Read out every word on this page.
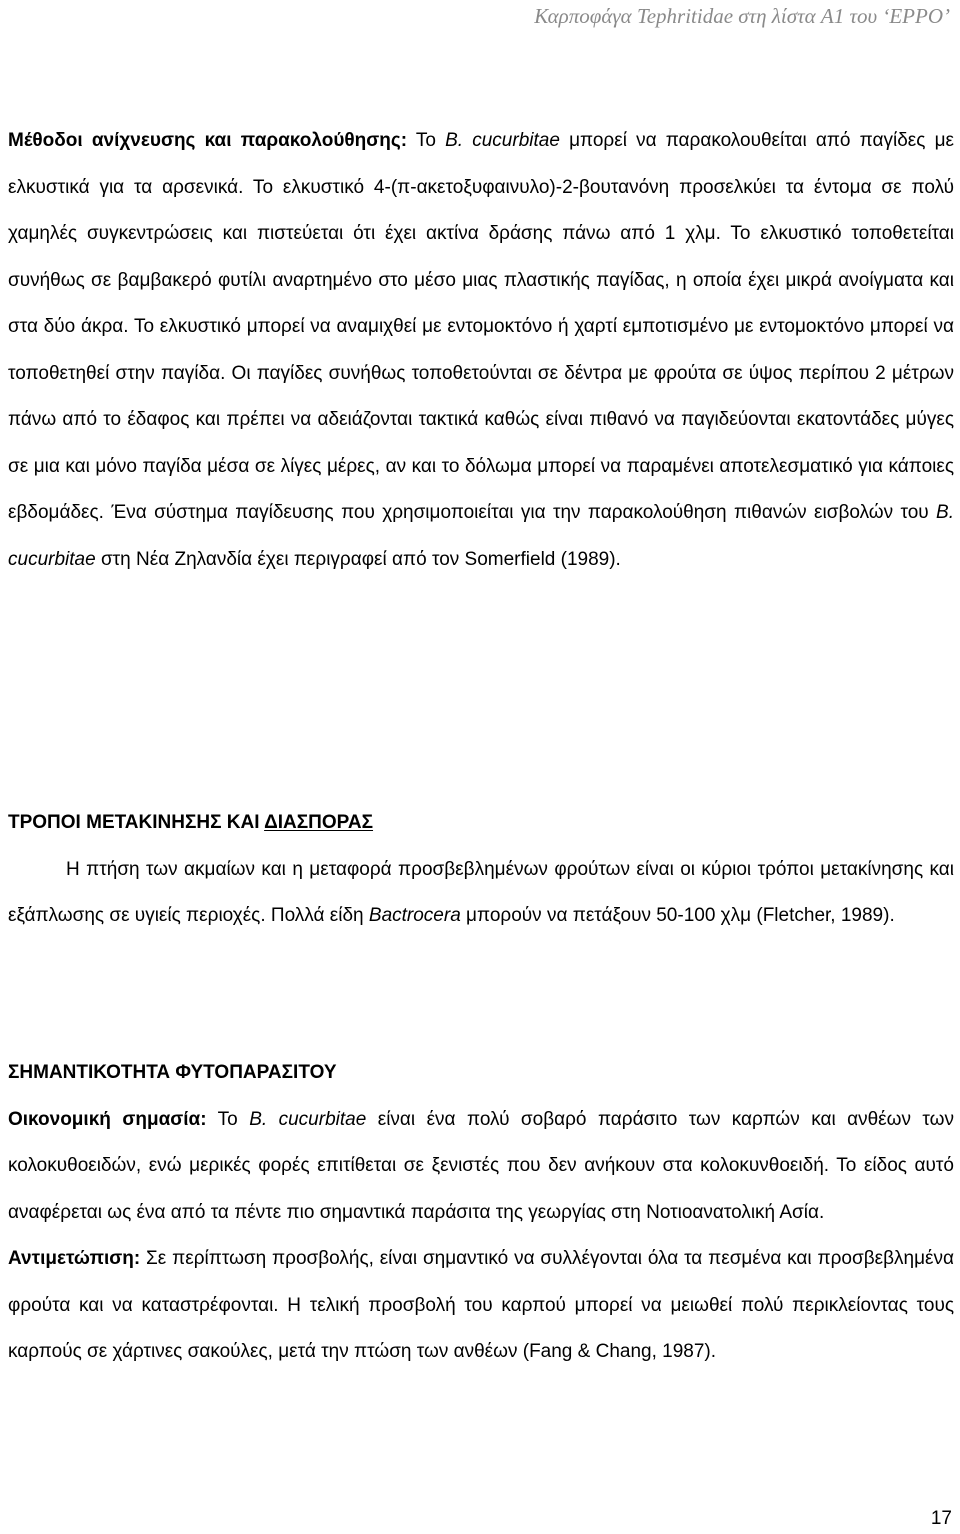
Καρποφάγα Tephritidae στη λίστα A1 του ‘EPPO’

Μέθοδοι ανίχνευσης και παρακολούθησης: Το B. cucurbitae μπορεί να παρακολουθείται από παγίδες με ελκυστικά για τα αρσενικά. Το ελκυστικό 4-(π-ακετοξυφαινυλο)-2-βουτανόνη προσελκύει τα έντομα σε πολύ χαμηλές συγκεντρώσεις και πιστεύεται ότι έχει ακτίνα δράσης πάνω από 1 χλμ. Το ελκυστικό τοποθετείται συνήθως σε βαμβακερό φυτίλι αναρτημένο στο μέσο μιας πλαστικής παγίδας, η οποία έχει μικρά ανοίγματα και στα δύο άκρα. Το ελκυστικό μπορεί να αναμιχθεί με εντομοκτόνο ή χαρτί εμποτισμένο με εντομοκτόνο μπορεί να τοποθετηθεί στην παγίδα. Οι παγίδες συνήθως τοποθετούνται σε δέντρα με φρούτα σε ύψος περίπου 2 μέτρων πάνω από το έδαφος και πρέπει να αδειάζονται τακτικά καθώς είναι πιθανό να παγιδεύονται εκατοντάδες μύγες σε μια και μόνο παγίδα μέσα σε λίγες μέρες, αν και το δόλωμα μπορεί να παραμένει αποτελεσματικό για κάποιες εβδομάδες. Ένα σύστημα παγίδευσης που χρησιμοποιείται για την παρακολούθηση πιθανών εισβολών του B. cucurbitae στη Νέα Ζηλανδία έχει περιγραφεί από τον Somerfield (1989).

ΤΡΟΠΟΙ ΜΕΤΑΚΙΝΗΣΗΣ ΚΑΙ ΔΙΑΣΠΟΡΑΣ

Η πτήση των ακμαίων και η μεταφορά προσβεβλημένων φρούτων είναι οι κύριοι τρόποι μετακίνησης και εξάπλωσης σε υγιείς περιοχές. Πολλά είδη Bactrocera μπορούν να πετάξουν 50-100 χλμ (Fletcher, 1989).

ΣΗΜΑΝΤΙΚΟΤΗΤΑ ΦΥΤΟΠΑΡΑΣΙΤΟΥ

Οικονομική σημασία: Το B. cucurbitae είναι ένα πολύ σοβαρό παράσιτο των καρπών και ανθέων των κολοκυθοειδών, ενώ μερικές φορές επιτίθεται σε ξενιστές που δεν ανήκουν στα κολοκυνθοειδή. Το είδος αυτό αναφέρεται ως ένα από τα πέντε πιο σημαντικά παράσιτα της γεωργίας στη Νοτιοανατολική Ασία.

Αντιμετώπιση: Σε περίπτωση προσβολής, είναι σημαντικό να συλλέγονται όλα τα πεσμένα και προσβεβλημένα φρούτα και να καταστρέφονται. Η τελική προσβολή του καρπού μπορεί να μειωθεί πολύ περικλείοντας τους καρπούς σε χάρτινες σακούλες, μετά την πτώση των ανθέων (Fang & Chang, 1987).

17
